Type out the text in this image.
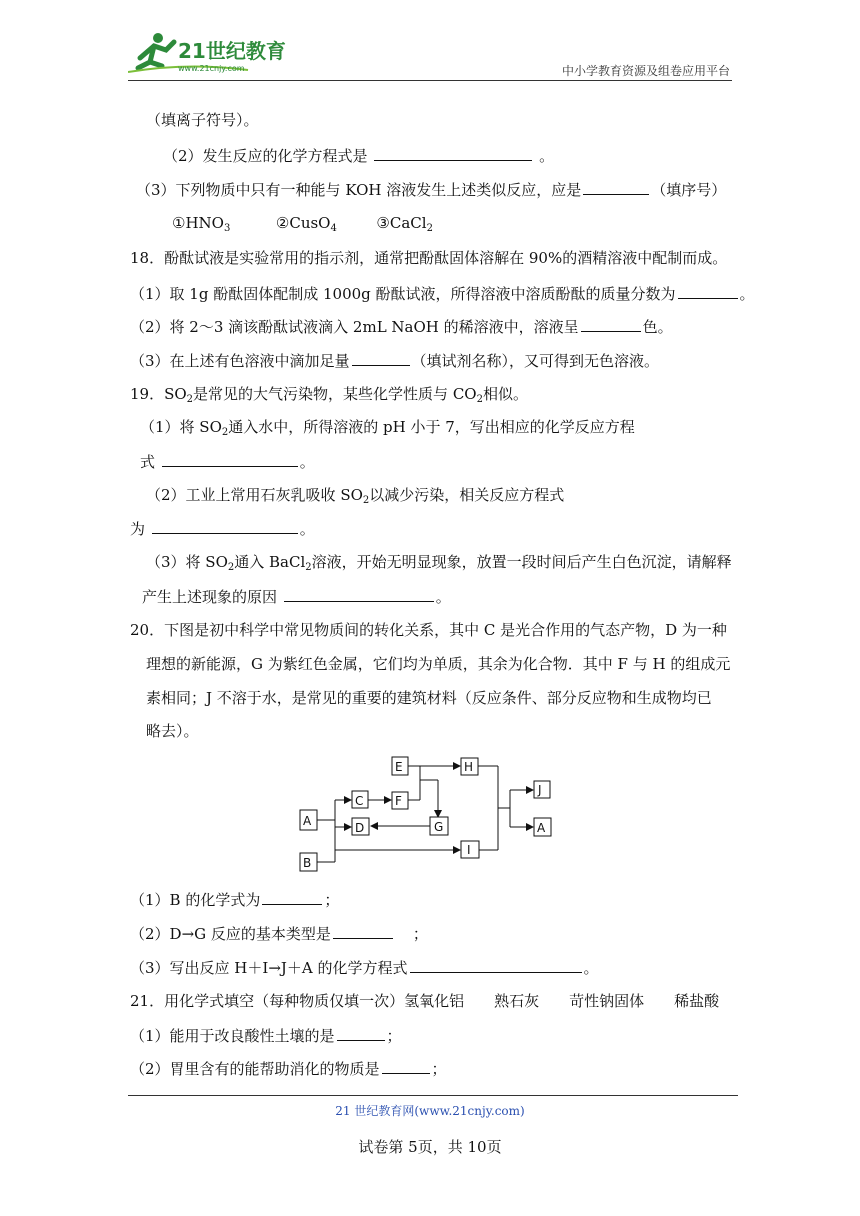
21世纪教育
www.21cnjy.com	中小学教育资源及组卷应用平台
（填离子符号）。
（2）发生反应的化学方程式是	。
（3）下列物质中只有一种能与 KOH 溶液发生上述类似反应，应是	（填序号）
$①HNO_3$	②CusO$_4$	③CaCl$_2$
18．酚酞试液是实验常用的指示剂，通常把酚酞固体溶解在 90%的酒精溶液中配制而成。
（1）取 1g 酚酞固体配制成 1000g 酚酞试液，所得溶液中溶质酚酞的质量分数为	。
（2）将 2～3 滴该酚酞试液滴入 2mL NaOH 的稀溶液中，溶液呈	色。
（3）在上述有色溶液中滴加足量	（填试剂名称），又可得到无色溶液。
19．$SO_2$是常见的大气污染物，某些化学性质与 $CO_2$相似。
（1）将 $SO_2$通入水中，所得溶液的 pH 小于 7，写出相应的化学反应方程
式	。
（2）工业上常用石灰乳吸收 $SO_2$以减少污染，相关反应方程式
为	。
（3）将 $SO_2$通入 BaCl$_2$溶液，开始无明显现象，放置一段时间后产生白色沉淀，请解释
产生上述现象的原因	。
20．下图是初中科学中常见物质间的转化关系，其中 C 是光合作用的气态产物，D 为一种
理想的新能源，G 为紫红色金属，它们均为单质，其余为化合物．其中 F 与 H 的组成元
素相同；J 不溶于水，是常见的重要的建筑材料（反应条件、部分反应物和生成物均已
略去）。
A
B
C
D
E
F
G
H
I
J
A
（1）B 的化学式为	；
（2）D→G 反应的基本类型是	；
（3）写出反应 H＋I→J＋A 的化学方程式	。
21．用化学式填空（每种物质仅填一次）氢氧化铝　　熟石灰　　苛性钠固体　　稀盐酸
（1）能用于改良酸性土壤的是	；
（2）胃里含有的能帮助消化的物质是	；
21 世纪教育网(www.21cnjy.com)
试卷第 5页，共 10页
